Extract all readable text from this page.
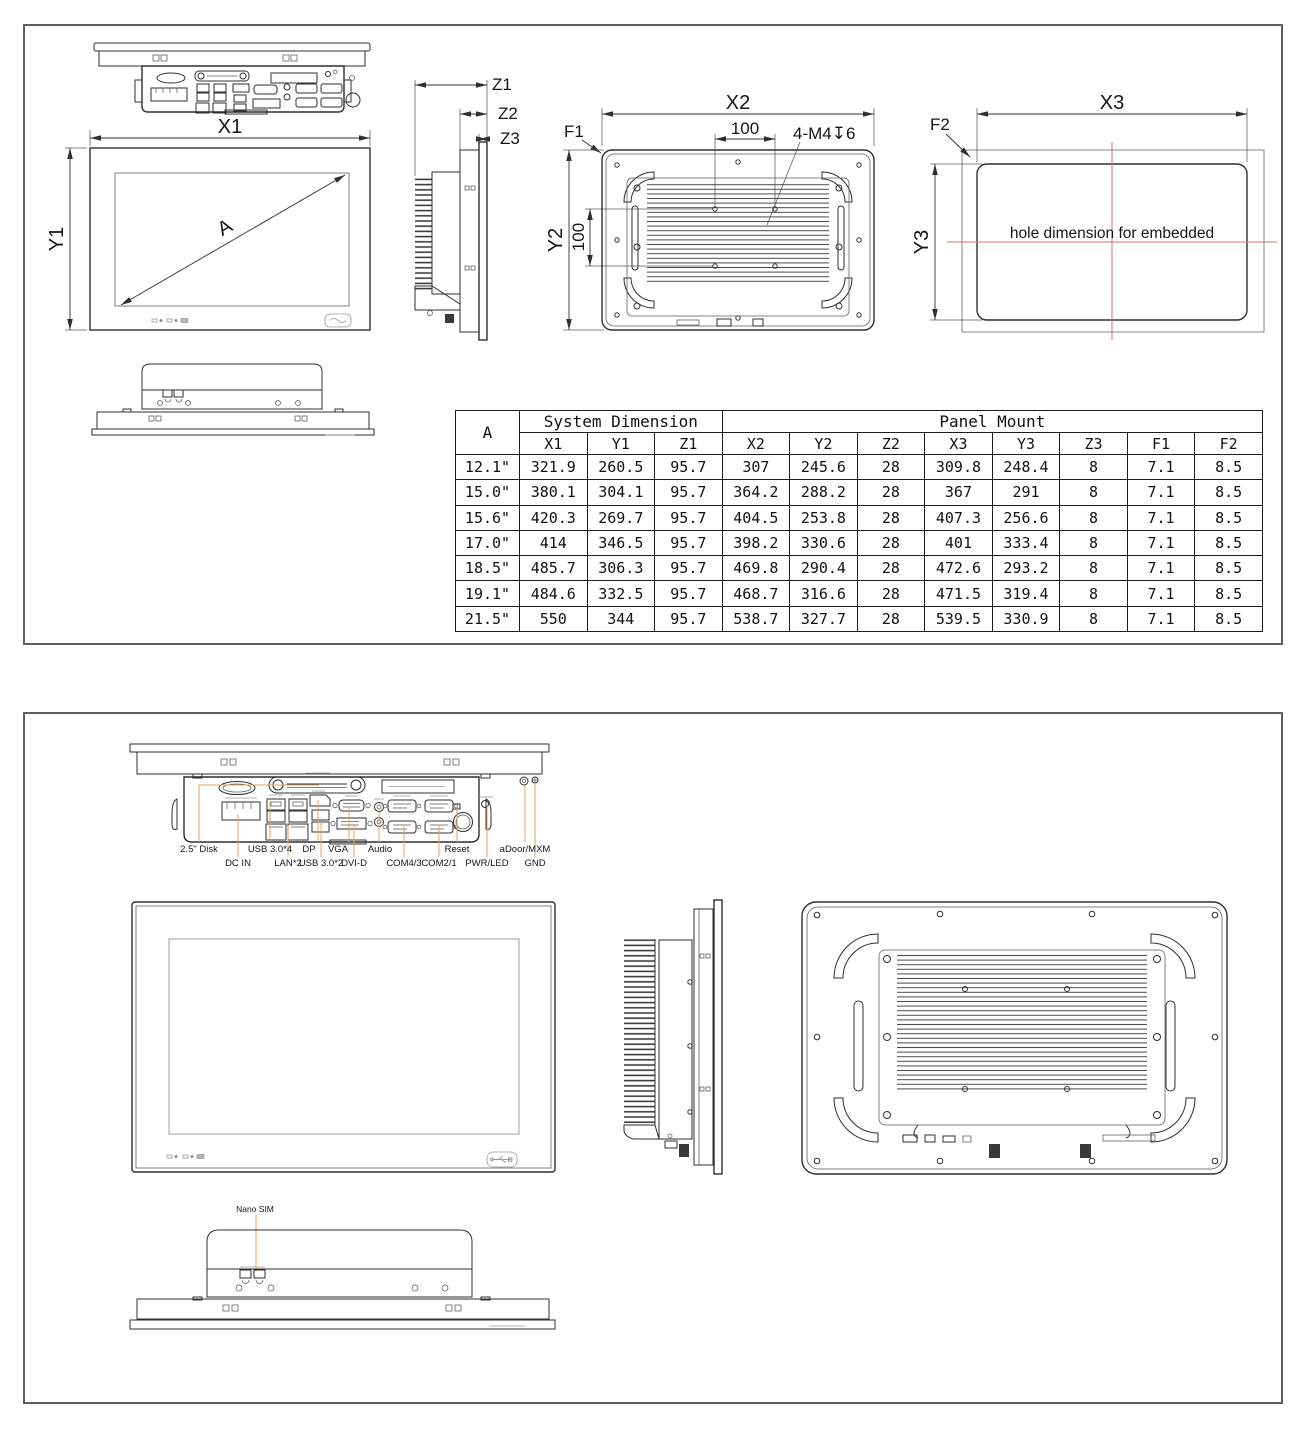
X1
A
Y1
Z1
Z2
Z3
X2
100 4-M4↧6
F1
Y2 100
X3
hole dimension for embedded
Y3
F2
A	System Dimension			Panel Mount							
	X1	Y1	Z1	X2	Y2	Z2	X3	Y3	Z3	F1	F2
12.1"	321.9	260.5	95.7	307	245.6	28	309.8	248.4	8	7.1	8.5
15.0"	380.1	304.1	95.7	364.2	288.2	28	367	291	8	7.1	8.5
15.6"	420.3	269.7	95.7	404.5	253.8	28	407.3	256.6	8	7.1	8.5
17.0"	414	346.5	95.7	398.2	330.6	28	401	333.4	8	7.1	8.5
18.5"	485.7	306.3	95.7	469.8	290.4	28	472.6	293.2	8	7.1	8.5
19.1"	484.6	332.5	95.7	468.7	316.6	28	471.5	319.4	8	7.1	8.5
21.5"	550	344	95.7	538.7	327.7	28	539.5	330.9	8	7.1	8.5
2.5" Disk	USB 3.0*4 DP VGA Audio	Reset	aDoor/MXM
DC IN LAN*2
USB 3.0*2
DVI-D COM4/3 COM2/1 PWR/LED GND
Nano SIM
